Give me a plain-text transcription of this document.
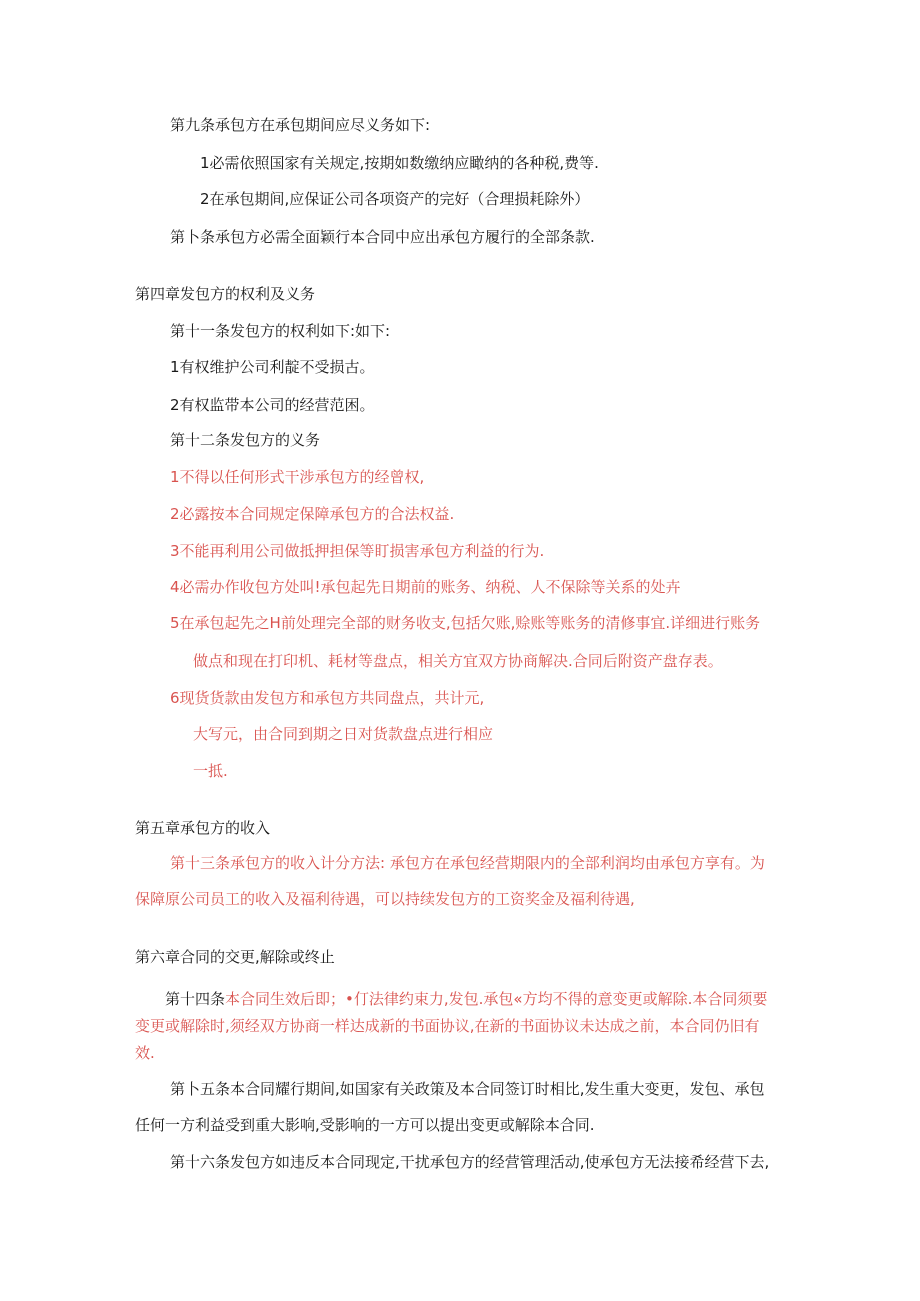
第九条承包方在承包期间应尽义务如下:
1必需依照国家有关规定,按期如数缴纳应瞰纳的各种税,费等.
2在承包期间,应保证公司各项资产的完好（合理损耗除外）
第卜条承包方必需全面颖行本合同中应出承包方履行的全部条款.
第四章发包方的权利及义务
第十一条发包方的权利如下:如下:
1有权维护公司利靛不受损古。
2有权监带本公司的经营范困。
第十二条发包方的义务
1不得以任何形式干涉承包方的经曾权,
2必露按本合同规定保障承包方的合法权益.
3不能再利用公司做抵押担保等盯损害承包方利益的行为.
4必需办作收包方处叫!承包起先日期前的账务、纳税、人不保除等关系的处卉
5在承包起先之H前处理完全部的财务收支,包括欠账,赊账等账务的清修事宜.详细进行账务
做点和现在打印机、耗材等盘点，相关方宜双方协商解决.合同后附资产盘存表。
6现货货款由发包方和承包方共同盘点，共计元,
大写元，由合同到期之日对货款盘点进行相应
一抵.
第五章承包方的收入
第十三条承包方的收入计分方法: 承包方在承包经营期限内的全部利润均由承包方享有。为
保障原公司员工的收入及福利待遇，可以持续发包方的工资奖金及福利待遇,
第六章合同的交更,解除或终止
第十四条本合同生效后即；•仃法律约束力,发包.承包«方均不得的意变更或解除.本合同须要
变更或解除时,须经双方协商一样达成新的书面协议,在新的书面协议未达成之前，本合同仍旧有
效.
第卜五条本合同耀行期间,如国家有关政策及本合同签订时相比,发生重大变更，发包、承包
任何一方利益受到重大影响,受影响的一方可以提出变更或解除本合同.
第十六条发包方如违反本合同现定,干扰承包方的经营管理活动,使承包方无法接希经营下去,
